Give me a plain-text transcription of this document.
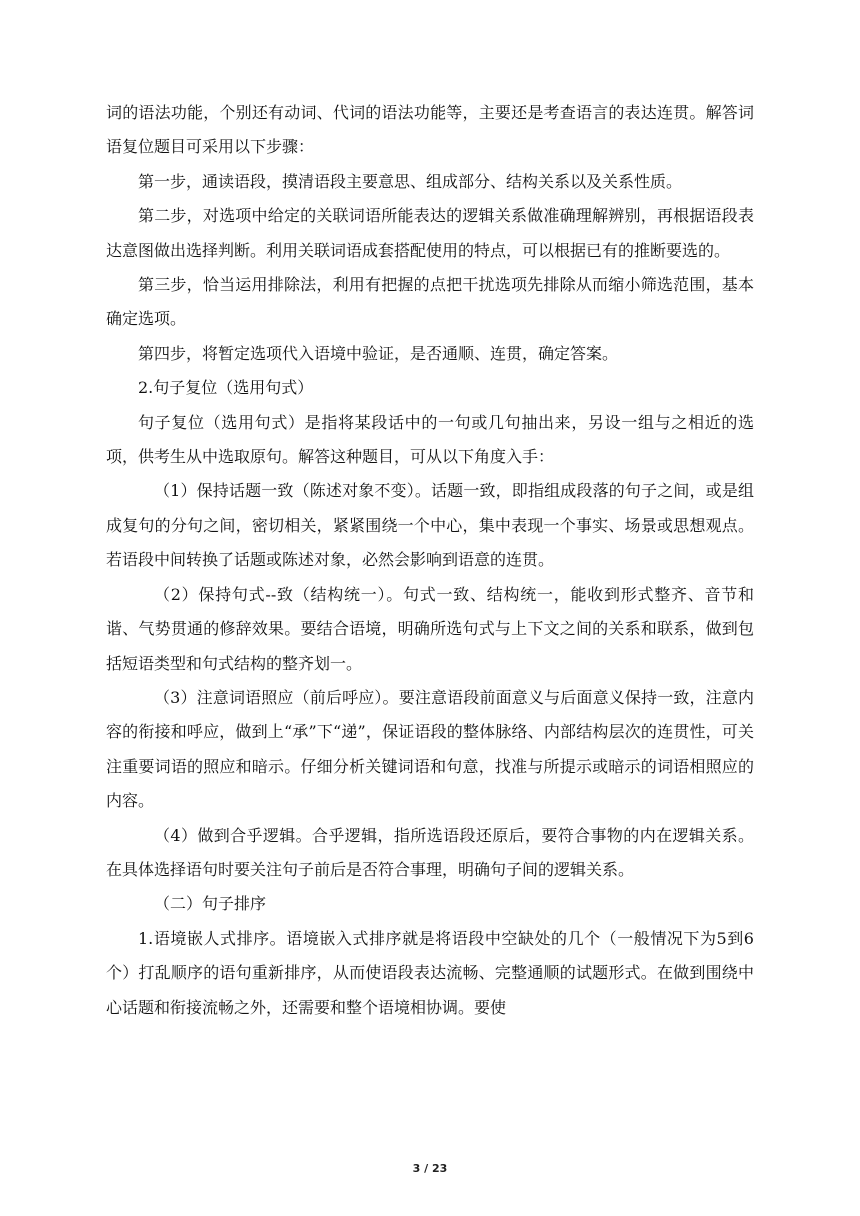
词的语法功能，个别还有动词、代词的语法功能等，主要还是考查语言的表达连贯。解答词语复位题目可采用以下步骤：

第一步，通读语段，摸清语段主要意思、组成部分、结构关系以及关系性质。

第二步，对选项中给定的关联词语所能表达的逻辑关系做准确理解辨别，再根据语段表达意图做出选择判断。利用关联词语成套搭配使用的特点，可以根据已有的推断要选的。

第三步，恰当运用排除法，利用有把握的点把干扰选项先排除从而缩小筛选范围，基本确定选项。

第四步，将暂定选项代入语境中验证，是否通顺、连贯，确定答案。

2.句子复位（选用句式）

句子复位（选用句式）是指将某段话中的一句或几句抽出来，另设一组与之相近的选项，供考生从中选取原句。解答这种题目，可从以下角度入手：

（1）保持话题一致（陈述对象不变）。话题一致，即指组成段落的句子之间，或是组成复句的分句之间，密切相关，紧紧围绕一个中心，集中表现一个事实、场景或思想观点。若语段中间转换了话题或陈述对象，必然会影响到语意的连贯。

（2）保持句式--致（结构统一）。句式一致、结构统一，能收到形式整齐、音节和谐、气势贯通的修辞效果。要结合语境，明确所选句式与上下文之间的关系和联系，做到包括短语类型和句式结构的整齐划一。

（3）注意词语照应（前后呼应）。要注意语段前面意义与后面意义保持一致，注意内容的衔接和呼应，做到上“承”下“递”，保证语段的整体脉络、内部结构层次的连贯性，可关注重要词语的照应和暗示。仔细分析关键词语和句意，找准与所提示或暗示的词语相照应的内容。

（4）做到合乎逻辑。合乎逻辑，指所选语段还原后，要符合事物的内在逻辑关系。在具体选择语句时要关注句子前后是否符合事理，明确句子间的逻辑关系。

（二）句子排序

1.语境嵌人式排序。语境嵌入式排序就是将语段中空缺处的几个（一般情况下为5到6个）打乱顺序的语句重新排序，从而使语段表达流畅、完整通顺的试题形式。在做到围绕中心话题和衔接流畅之外，还需要和整个语境相协调。要使

3 / 23
